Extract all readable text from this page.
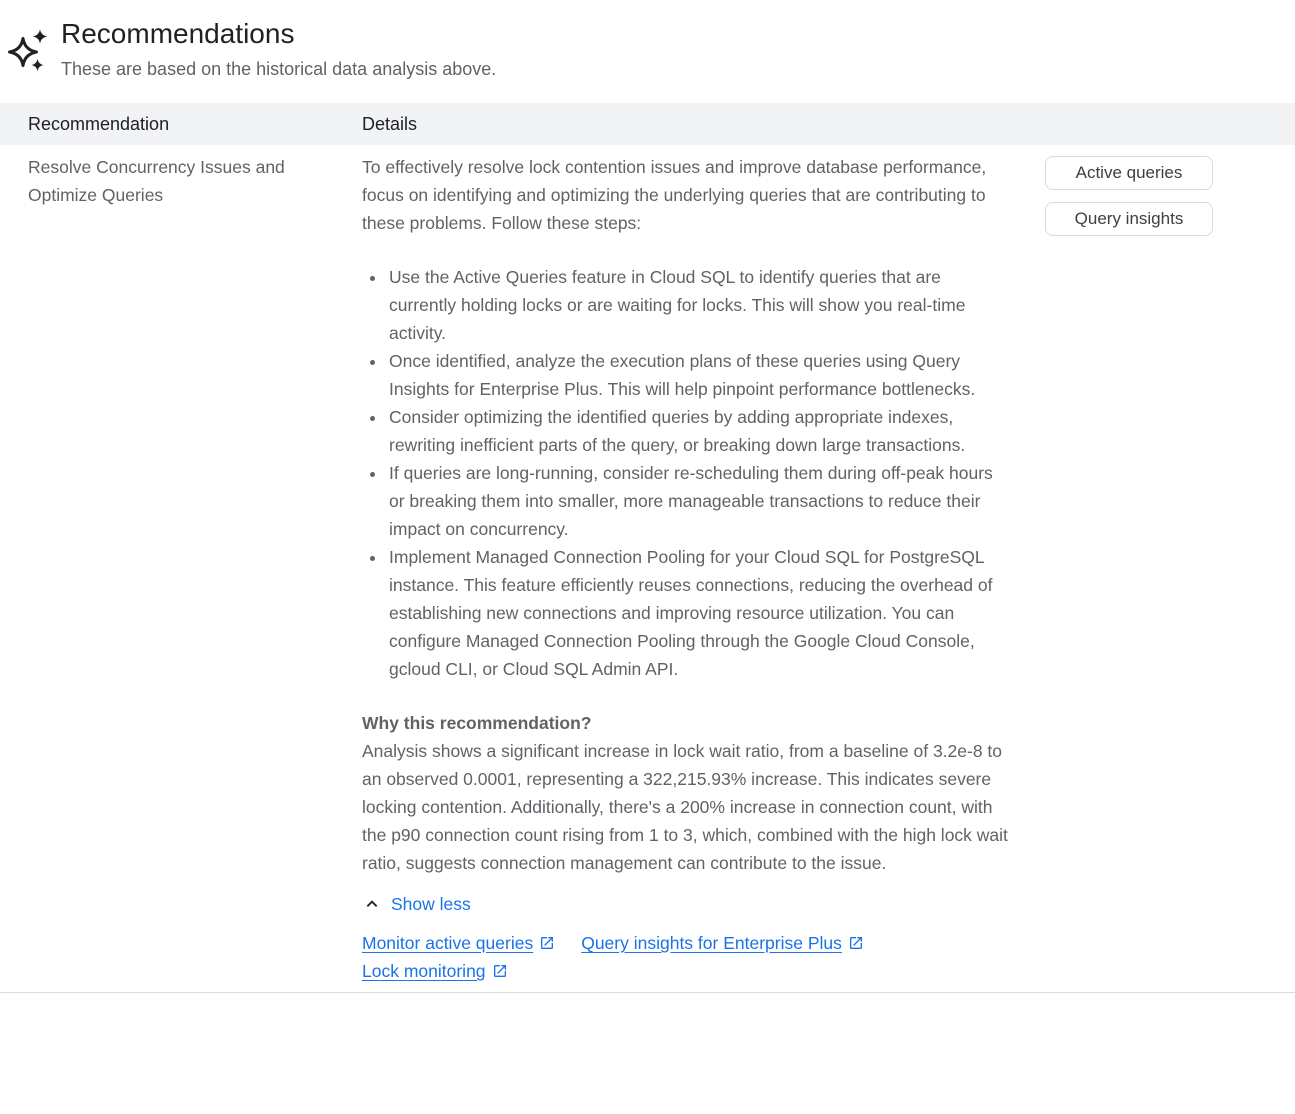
Recommendations

These are based on the historical data analysis above.

Recommendation	Details
Resolve Concurrency Issues and Optimize Queries

To effectively resolve lock contention issues and improve database performance, focus on identifying and optimizing the underlying queries that are contributing to these problems. Follow these steps:

• Use the Active Queries feature in Cloud SQL to identify queries that are currently holding locks or are waiting for locks. This will show you real-time activity.
• Once identified, analyze the execution plans of these queries using Query Insights for Enterprise Plus. This will help pinpoint performance bottlenecks.
• Consider optimizing the identified queries by adding appropriate indexes, rewriting inefficient parts of the query, or breaking down large transactions.
• If queries are long-running, consider re-scheduling them during off-peak hours or breaking them into smaller, more manageable transactions to reduce their impact on concurrency.
• Implement Managed Connection Pooling for your Cloud SQL for PostgreSQL instance. This feature efficiently reuses connections, reducing the overhead of establishing new connections and improving resource utilization. You can configure Managed Connection Pooling through the Google Cloud Console, gcloud CLI, or Cloud SQL Admin API.

Why this recommendation?

Analysis shows a significant increase in lock wait ratio, from a baseline of 3.2e-8 to an observed 0.0001, representing a 322,215.93% increase. This indicates severe locking contention. Additionally, there's a 200% increase in connection count, with the p90 connection count rising from 1 to 3, which, combined with the high lock wait ratio, suggests connection management can contribute to the issue.

Show less
Monitor active queries	Query insights for Enterprise Plus
Lock monitoring
Active queries
Query insights
